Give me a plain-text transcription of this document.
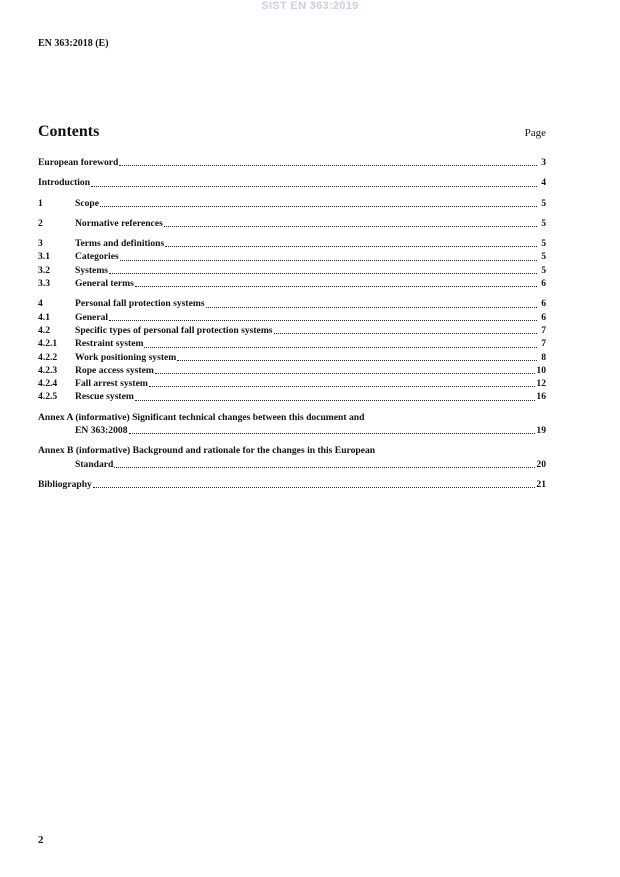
SIST EN 363:2019
EN 363:2018 (E)
Contents	Page
European foreword	3
Introduction	4
1	Scope	5
2	Normative references	5
3	Terms and definitions	5
3.1	Categories	5
3.2	Systems	5
3.3	General terms	6
4	Personal fall protection systems	6
4.1	General	6
4.2	Specific types of personal fall protection systems	7
4.2.1	Restraint system	7
4.2.2	Work positioning system	8
4.2.3	Rope access system	10
4.2.4	Fall arrest system	12
4.2.5	Rescue system	16
Annex A (informative) Significant technical changes between this document and
EN 363:2008	19
Annex B (informative) Background and rationale for the changes in this European
Standard	20
Bibliography	21
2
